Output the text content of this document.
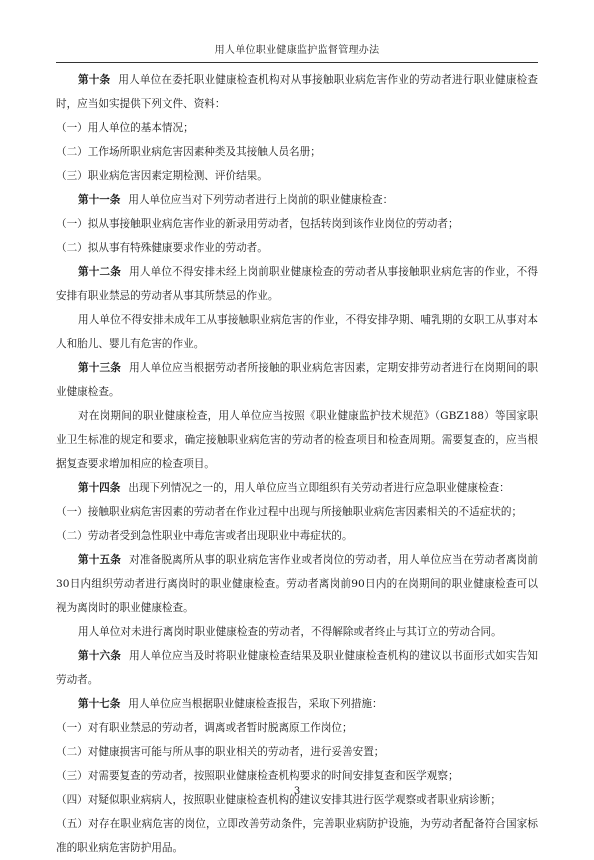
用人单位职业健康监护监督管理办法

第十条 用人单位在委托职业健康检查机构对从事接触职业病危害作业的劳动者进行职业健康检查时，应当如实提供下列文件、资料：

（一）用人单位的基本情况；

（二）工作场所职业病危害因素种类及其接触人员名册；

（三）职业病危害因素定期检测、评价结果。

第十一条 用人单位应当对下列劳动者进行上岗前的职业健康检查：

（一）拟从事接触职业病危害作业的新录用劳动者，包括转岗到该作业岗位的劳动者；

（二）拟从事有特殊健康要求作业的劳动者。

第十二条 用人单位不得安排未经上岗前职业健康检查的劳动者从事接触职业病危害的作业，不得安排有职业禁忌的劳动者从事其所禁忌的作业。

用人单位不得安排未成年工从事接触职业病危害的作业，不得安排孕期、哺乳期的女职工从事对本人和胎儿、婴儿有危害的作业。

第十三条 用人单位应当根据劳动者所接触的职业病危害因素，定期安排劳动者进行在岗期间的职业健康检查。

对在岗期间的职业健康检查，用人单位应当按照《职业健康监护技术规范》（GBZ188）等国家职业卫生标准的规定和要求，确定接触职业病危害的劳动者的检查项目和检查周期。需要复查的，应当根据复查要求增加相应的检查项目。

第十四条 出现下列情况之一的，用人单位应当立即组织有关劳动者进行应急职业健康检查：

（一）接触职业病危害因素的劳动者在作业过程中出现与所接触职业病危害因素相关的不适症状的；

（二）劳动者受到急性职业中毒危害或者出现职业中毒症状的。

第十五条 对准备脱离所从事的职业病危害作业或者岗位的劳动者，用人单位应当在劳动者离岗前30日内组织劳动者进行离岗时的职业健康检查。劳动者离岗前90日内的在岗期间的职业健康检查可以视为离岗时的职业健康检查。

用人单位对未进行离岗时职业健康检查的劳动者，不得解除或者终止与其订立的劳动合同。

第十六条 用人单位应当及时将职业健康检查结果及职业健康检查机构的建议以书面形式如实告知劳动者。

第十七条 用人单位应当根据职业健康检查报告，采取下列措施：

（一）对有职业禁忌的劳动者，调离或者暂时脱离原工作岗位；

（二）对健康损害可能与所从事的职业相关的劳动者，进行妥善安置；

（三）对需要复查的劳动者，按照职业健康检查机构要求的时间安排复查和医学观察；

（四）对疑似职业病病人，按照职业健康检查机构的建议安排其进行医学观察或者职业病诊断；

（五）对存在职业病危害的岗位，立即改善劳动条件，完善职业病防护设施，为劳动者配备符合国家标准的职业病危害防护用品。

3
